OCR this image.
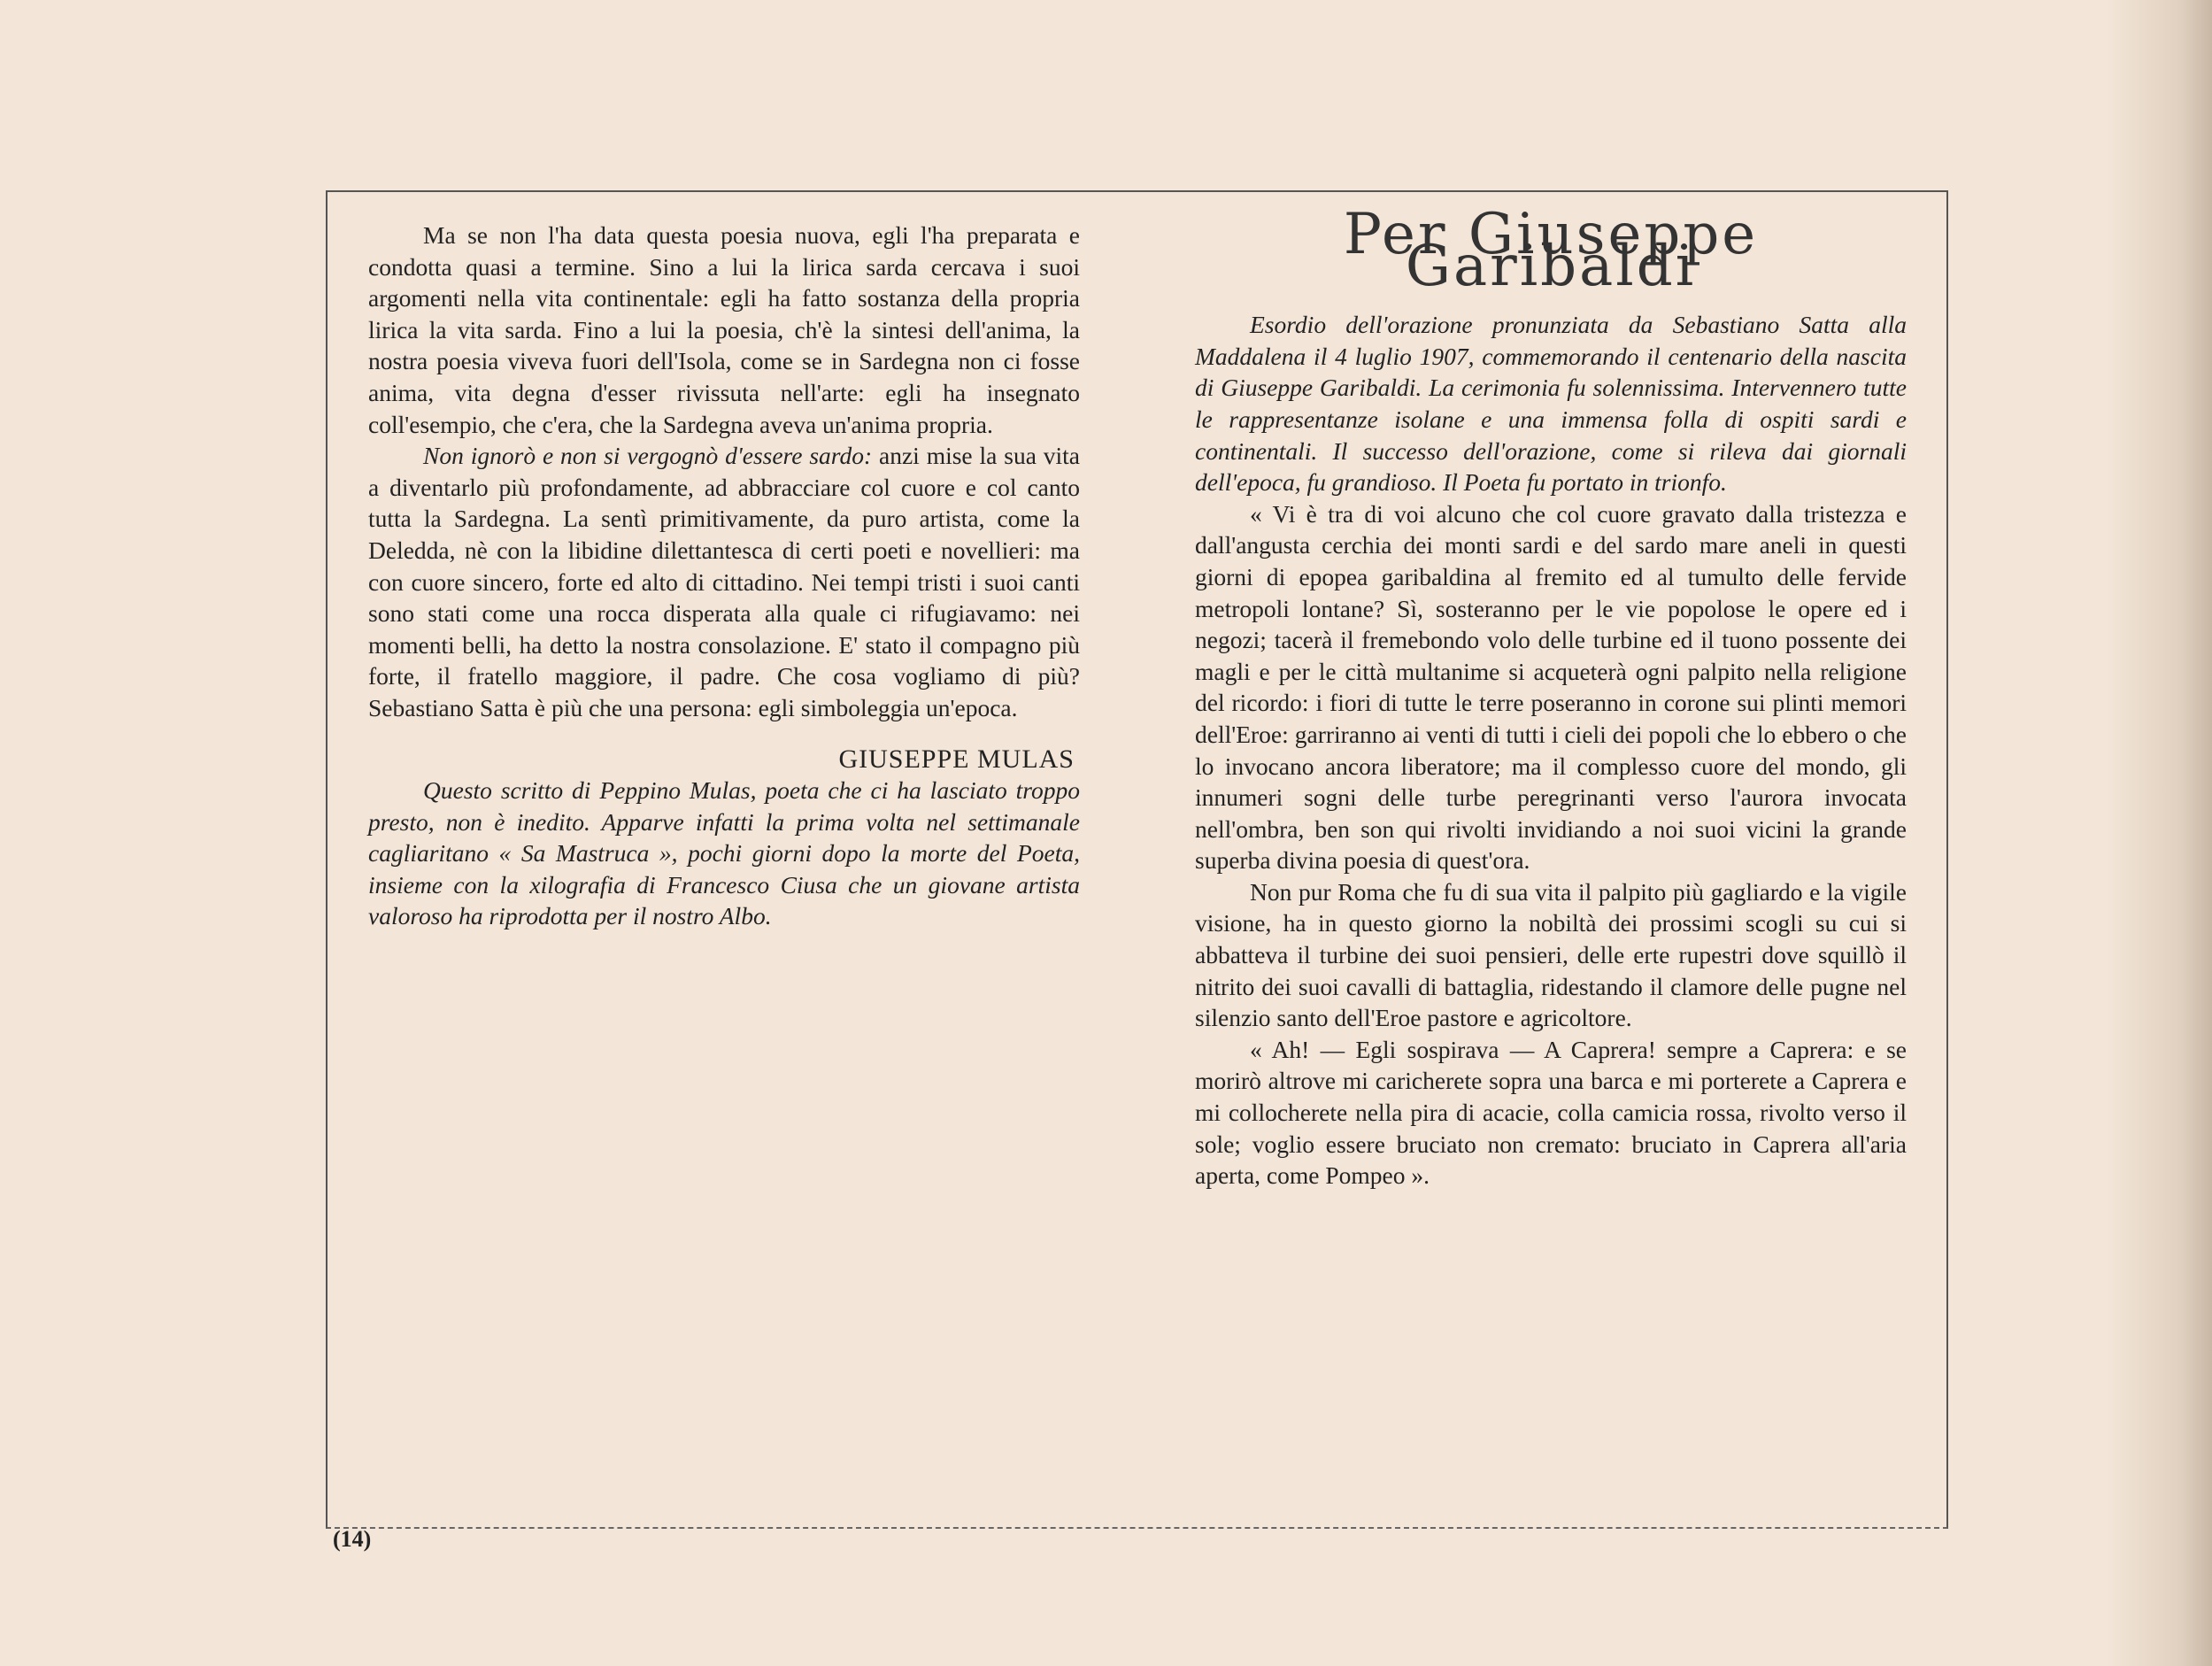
Ma se non l'ha data questa poesia nuova, egli l'ha preparata e condotta quasi a termine. Sino a lui la lirica sarda cercava i suoi argomenti nella vita continentale: egli ha fatto sostanza della propria lirica la vita sarda. Fino a lui la poesia, ch'è la sintesi dell'anima, la nostra poesia viveva fuori dell'Isola, come se in Sardegna non ci fosse anima, vita degna d'esser rivissuta nell'arte: egli ha insegnato coll'esempio, che c'era, che la Sardegna aveva un'anima propria.

Non ignorò e non si vergognò d'essere sardo: anzi mise la sua vita a diventarlo più profondamente, ad abbracciare col cuore e col canto tutta la Sardegna. La sentì primitivamente, da puro artista, come la Deledda, nè con la libidine dilettantesca di certi poeti e novellieri: ma con cuore sincero, forte ed alto di cittadino. Nei tempi tristi i suoi canti sono stati come una rocca disperata alla quale ci rifugiavamo: nei momenti belli, ha detto la nostra consolazione. E' stato il compagno più forte, il fratello maggiore, il padre. Che cosa vogliamo di più? Sebastiano Satta è più che una persona: egli simboleggia un'epoca.

GIUSEPPE MULAS

Questo scritto di Peppino Mulas, poeta che ci ha lasciato troppo presto, non è inedito. Apparve infatti la prima volta nel settimanale cagliaritano « Sa Mastruca », pochi giorni dopo la morte del Poeta, insieme con la xilografia di Francesco Ciusa che un giovane artista valoroso ha riprodotta per il nostro Albo.

Per Giuseppe Garibaldi

Esordio dell'orazione pronunziata da Sebastiano Satta alla Maddalena il 4 luglio 1907, commemorando il centenario della nascita di Giuseppe Garibaldi. La cerimonia fu solennissima. Intervennero tutte le rappresentanze isolane e una immensa folla di ospiti sardi e continentali. Il successo dell'orazione, come si rileva dai giornali dell'epoca, fu grandioso. Il Poeta fu portato in trionfo.

« Vi è tra di voi alcuno che col cuore gravato dalla tristezza e dall'angusta cerchia dei monti sardi e del sardo mare aneli in questi giorni di epopea garibaldina al fremito ed al tumulto delle fervide metropoli lontane? Sì, sosteranno per le vie popolose le opere ed i negozi; tacerà il fremebondo volo delle turbine ed il tuono possente dei magli e per le città multanime si acqueterà ogni palpito nella religione del ricordo: i fiori di tutte le terre poseranno in corone sui plinti memori dell'Eroe: garriranno ai venti di tutti i cieli dei popoli che lo ebbero o che lo invocano ancora liberatore; ma il complesso cuore del mondo, gli innumeri sogni delle turbe peregrinanti verso l'aurora invocata nell'ombra, ben son qui rivolti invidiando a noi suoi vicini la grande superba divina poesia di quest'ora.

Non pur Roma che fu di sua vita il palpito più gagliardo e la vigile visione, ha in questo giorno la nobiltà dei prossimi scogli su cui si abbatteva il turbine dei suoi pensieri, delle erte rupestri dove squillò il nitrito dei suoi cavalli di battaglia, ridestando il clamore delle pugne nel silenzio santo dell'Eroe pastore e agricoltore.

« Ah! — Egli sospirava — A Caprera! sempre a Caprera: e se morirò altrove mi caricherete sopra una barca e mi porterete a Caprera e mi collocherete nella pira di acacie, colla camicia rossa, rivolto verso il sole; voglio essere bruciato non cremato: bruciato in Caprera all'aria aperta, come Pompeo ».

(14)
